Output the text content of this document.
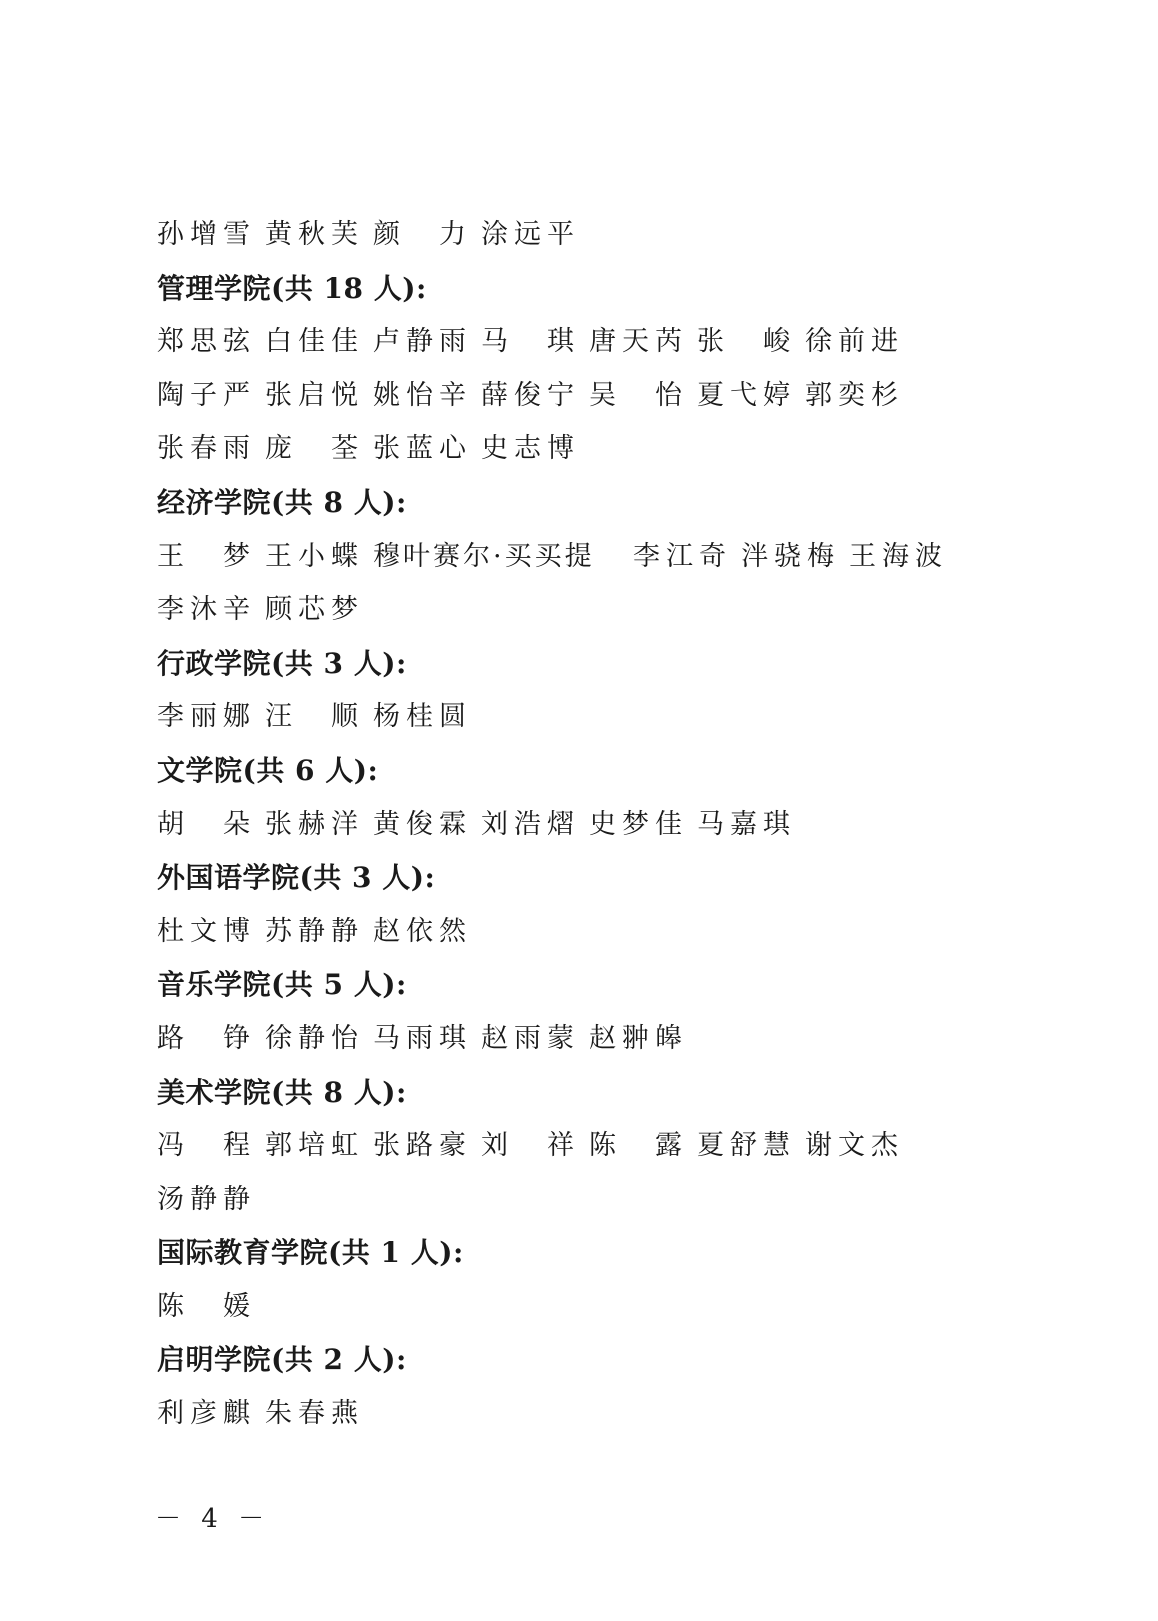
孙增雪 黄秋芙 颜　力 涂远平
管理学院(共 18 人):
郑思弦 白佳佳 卢静雨 马　琪 唐天芮 张　峻 徐前进
陶子严 张启悦 姚怡辛 薛俊宁 吴　怡 夏弋婷 郭奕杉
张春雨 庞　荃 张蓝心 史志博
经济学院(共 8 人):
王　梦 王小蝶 穆叶赛尔·买买提	李江奇 泮骁梅 王海波
李沐辛 顾芯梦
行政学院(共 3 人):
李丽娜 汪　顺 杨桂圆
文学院(共 6 人):
胡　朵 张赫洋 黄俊霖 刘浩熠 史梦佳 马嘉琪
外国语学院(共 3 人):
杜文博 苏静静 赵依然
音乐学院(共 5 人):
路　铮 徐静怡 马雨琪 赵雨蒙 赵翀皞
美术学院(共 8 人):
冯　程 郭培虹 张路豪 刘　祥 陈　露 夏舒慧 谢文杰
汤静静
国际教育学院(共 1 人):
陈　媛
启明学院(共 2 人):
利彦麒 朱春燕
－ 4 －
